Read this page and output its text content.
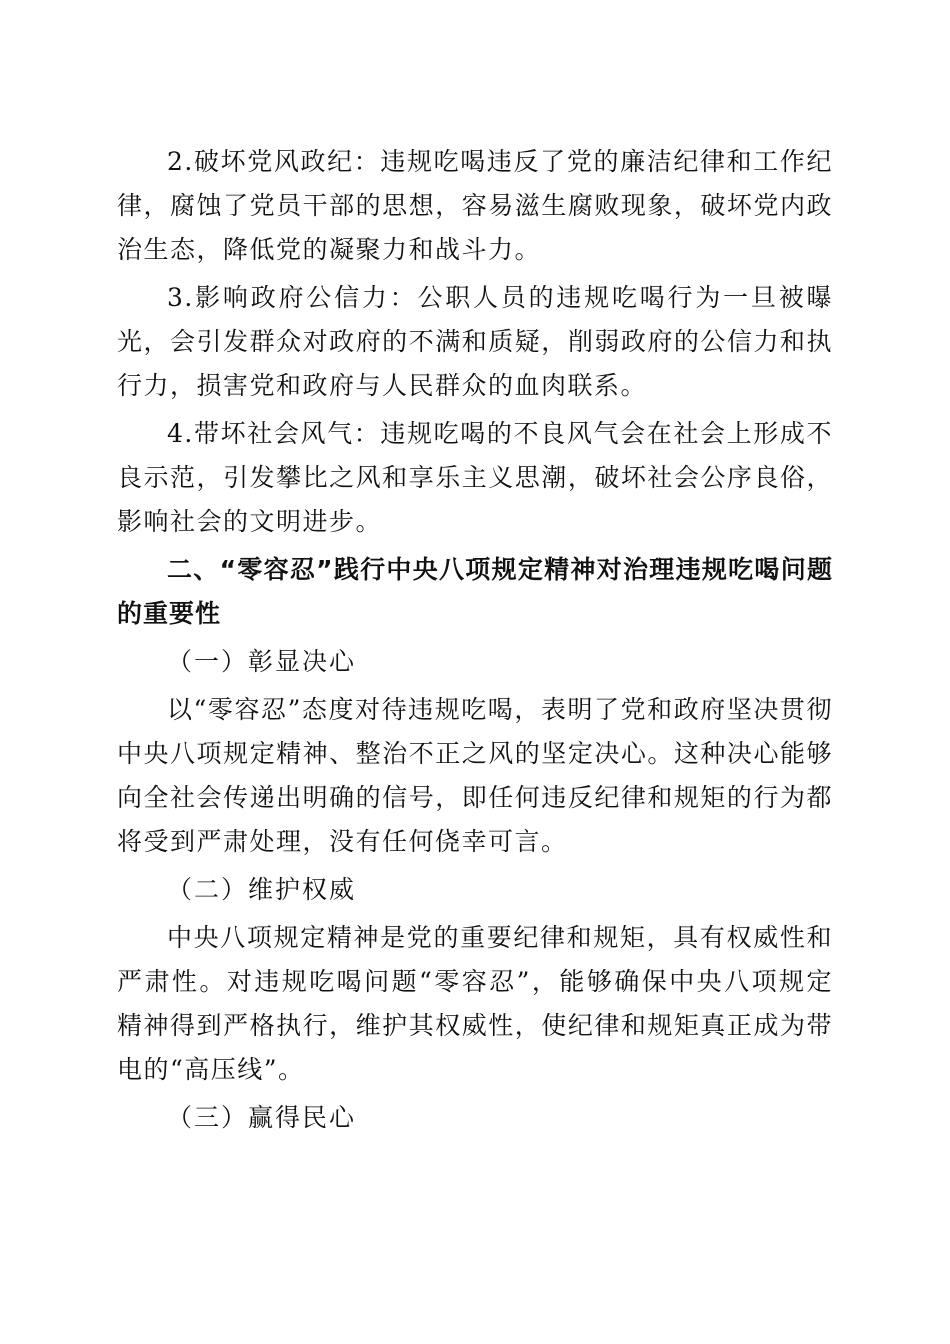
2.破坏党风政纪：违规吃喝违反了党的廉洁纪律和工作纪律，腐蚀了党员干部的思想，容易滋生腐败现象，破坏党内政治生态，降低党的凝聚力和战斗力。

3.影响政府公信力：公职人员的违规吃喝行为一旦被曝光，会引发群众对政府的不满和质疑，削弱政府的公信力和执行力，损害党和政府与人民群众的血肉联系。

4.带坏社会风气：违规吃喝的不良风气会在社会上形成不良示范，引发攀比之风和享乐主义思潮，破坏社会公序良俗，影响社会的文明进步。

二、“零容忍”践行中央八项规定精神对治理违规吃喝问题的重要性

（一）彰显决心

以“零容忍”态度对待违规吃喝，表明了党和政府坚决贯彻中央八项规定精神、整治不正之风的坚定决心。这种决心能够向全社会传递出明确的信号，即任何违反纪律和规矩的行为都将受到严肃处理，没有任何侥幸可言。

（二）维护权威

中央八项规定精神是党的重要纪律和规矩，具有权威性和严肃性。对违规吃喝问题“零容忍”，能够确保中央八项规定精神得到严格执行，维护其权威性，使纪律和规矩真正成为带电的“高压线”。

（三）赢得民心
